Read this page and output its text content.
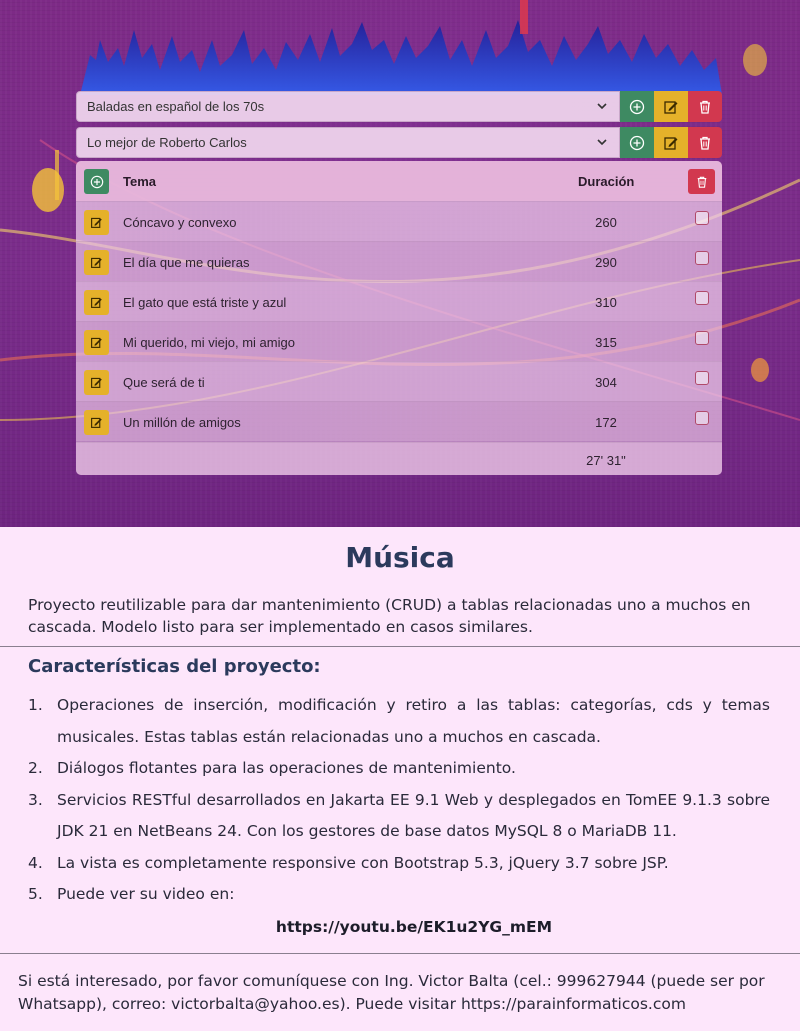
Baladas en español de los 70s
Lo mejor de Roberto Carlos
Tema	Duración
Cóncavo y convexo	260
El día que me quieras	290
El gato que está triste y azul	310
Mi querido, mi viejo, mi amigo	315
Que será de ti	304
Un millón de amigos	172
27' 31"
Música
Proyecto reutilizable para dar mantenimiento (CRUD) a tablas relacionadas uno a muchos en cascada. Modelo listo para ser implementado en casos similares.
Características del proyecto:
1. Operaciones de inserción, modificación y retiro a las tablas: categorías, cds y temas musicales. Estas tablas están relacionadas uno a muchos en cascada.
2. Diálogos flotantes para las operaciones de mantenimiento.
3. Servicios RESTful desarrollados en Jakarta EE 9.1 Web y desplegados en TomEE 9.1.3 sobre JDK 21 en NetBeans 24. Con los gestores de base datos MySQL 8 o MariaDB 11.
4. La vista es completamente responsive con Bootstrap 5.3, jQuery 3.7 sobre JSP.
5. Puede ver su video en:
https://youtu.be/EK1u2YG_mEM
Si está interesado, por favor comuníquese con Ing. Victor Balta (cel.: 999627944 (puede ser por Whatsapp), correo: victorbalta@yahoo.es). Puede visitar https://parainformaticos.com
